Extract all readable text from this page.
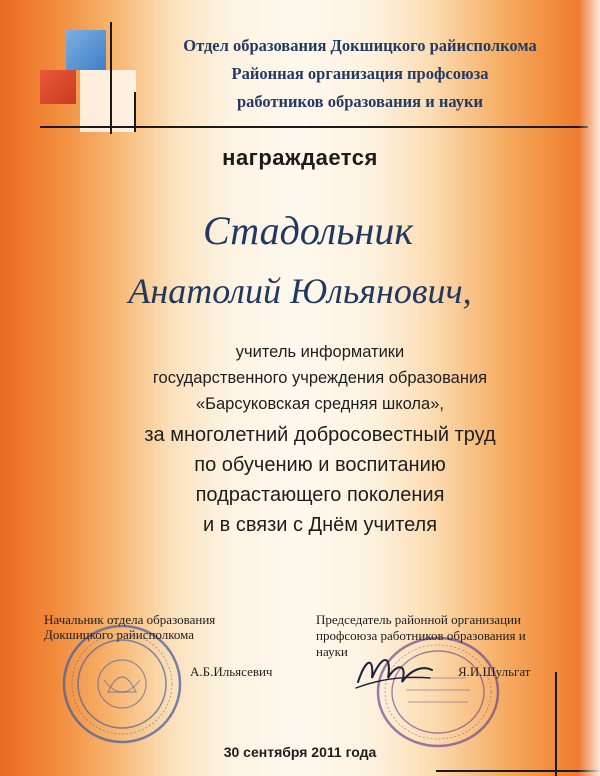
Отдел образования Докшицкого райисполкома
Районная организация профсоюза
работников образования и науки
награждается
Стадольник
Анатолий Юльянович,
учитель информатики
государственного учреждения образования
«Барсуковская средняя школа»,
за многолетний добросовестный труд
по обучению и воспитанию
подрастающего поколения
и в связи с Днём учителя
Начальник отдела образования
Докшицкого райисполкома
А.Б.Ильясевич
Председатель районной организации
профсоюза работников образования и
науки
Я.И.Шульгат
30 сентября 2011 года
